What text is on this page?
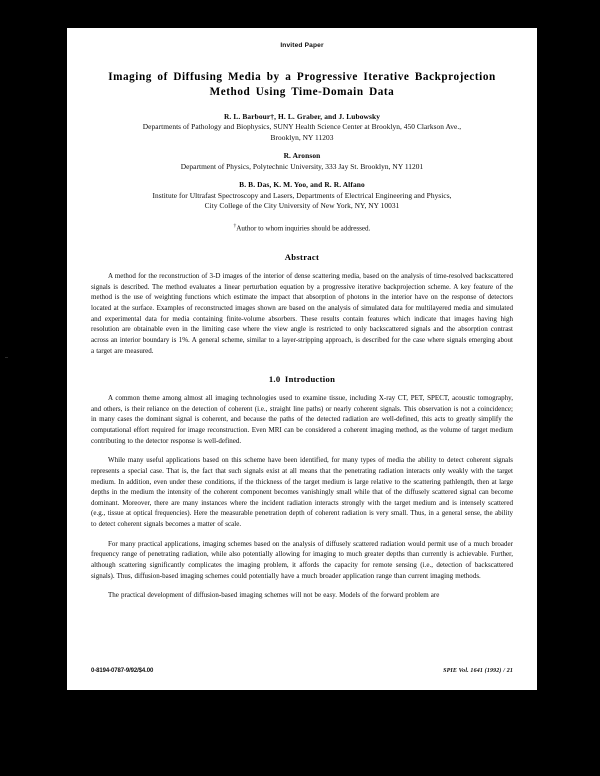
Invited Paper
Imaging of Diffusing Media by a Progressive Iterative Backprojection
Method Using Time-Domain Data
R. L. Barbour†, H. L. Graber, and J. Lubowsky
Departments of Pathology and Biophysics, SUNY Health Science Center at Brooklyn, 450 Clarkson Ave.,
Brooklyn, NY 11203
R. Aronson
Department of Physics, Polytechnic University, 333 Jay St. Brooklyn, NY 11201
B. B. Das, K. M. Yoo, and R. R. Alfano
Institute for Ultrafast Spectroscopy and Lasers, Departments of Electrical Engineering and Physics,
City College of the City University of New York, NY, NY 10031
†Author to whom inquiries should be addressed.
Abstract

A method for the reconstruction of 3-D images of the interior of dense scattering media, based on the analysis of time-resolved backscattered signals is described. The method evaluates a linear perturbation equation by a progressive iterative backprojection scheme. A key feature of the method is the use of weighting functions which estimate the impact that absorption of photons in the interior have on the response of detectors located at the surface. Examples of reconstructed images shown are based on the analysis of simulated data for multilayered media and simulated and experimental data for media containing finite-volume absorbers. These results contain features which indicate that images having high resolution are obtainable even in the limiting case where the view angle is restricted to only backscattered signals and the absorption contrast across an interior boundary is 1%. A general scheme, similar to a layer-stripping approach, is described for the case where signals emerging about a target are measured.

1.0 Introduction

A common theme among almost all imaging technologies used to examine tissue, including X-ray CT, PET, SPECT, acoustic tomography, and others, is their reliance on the detection of coherent (i.e., straight line paths) or nearly coherent signals. This observation is not a coincidence; in many cases the dominant signal is coherent, and because the paths of the detected radiation are well-defined, this acts to greatly simplify the computational effort required for image reconstruction. Even MRI can be considered a coherent imaging method, as the volume of target medium contributing to the detector response is well-defined.

While many useful applications based on this scheme have been identified, for many types of media the ability to detect coherent signals represents a special case. That is, the fact that such signals exist at all means that the penetrating radiation interacts only weakly with the target medium. In addition, even under these conditions, if the thickness of the target medium is large relative to the scattering pathlength, then at large depths in the medium the intensity of the coherent component becomes vanishingly small while that of the diffusely scattered signal can become dominant. Moreover, there are many instances where the incident radiation interacts strongly with the target medium and is intensely scattered (e.g., tissue at optical frequencies). Here the measurable penetration depth of coherent radiation is very small. Thus, in a general sense, the ability to detect coherent signals becomes a matter of scale.

For many practical applications, imaging schemes based on the analysis of diffusely scattered radiation would permit use of a much broader frequency range of penetrating radiation, while also potentially allowing for imaging to much greater depths than currently is achievable. Further, although scattering significantly complicates the imaging problem, it affords the capacity for remote sensing (i.e., detection of backscattered signals). Thus, diffusion-based imaging schemes could potentially have a much broader application range than current imaging methods.

The practical development of diffusion-based imaging schemes will not be easy. Models of the forward problem are

0-8194-0787-9/92/$4.00	SPIE Vol. 1641 (1992) / 21
